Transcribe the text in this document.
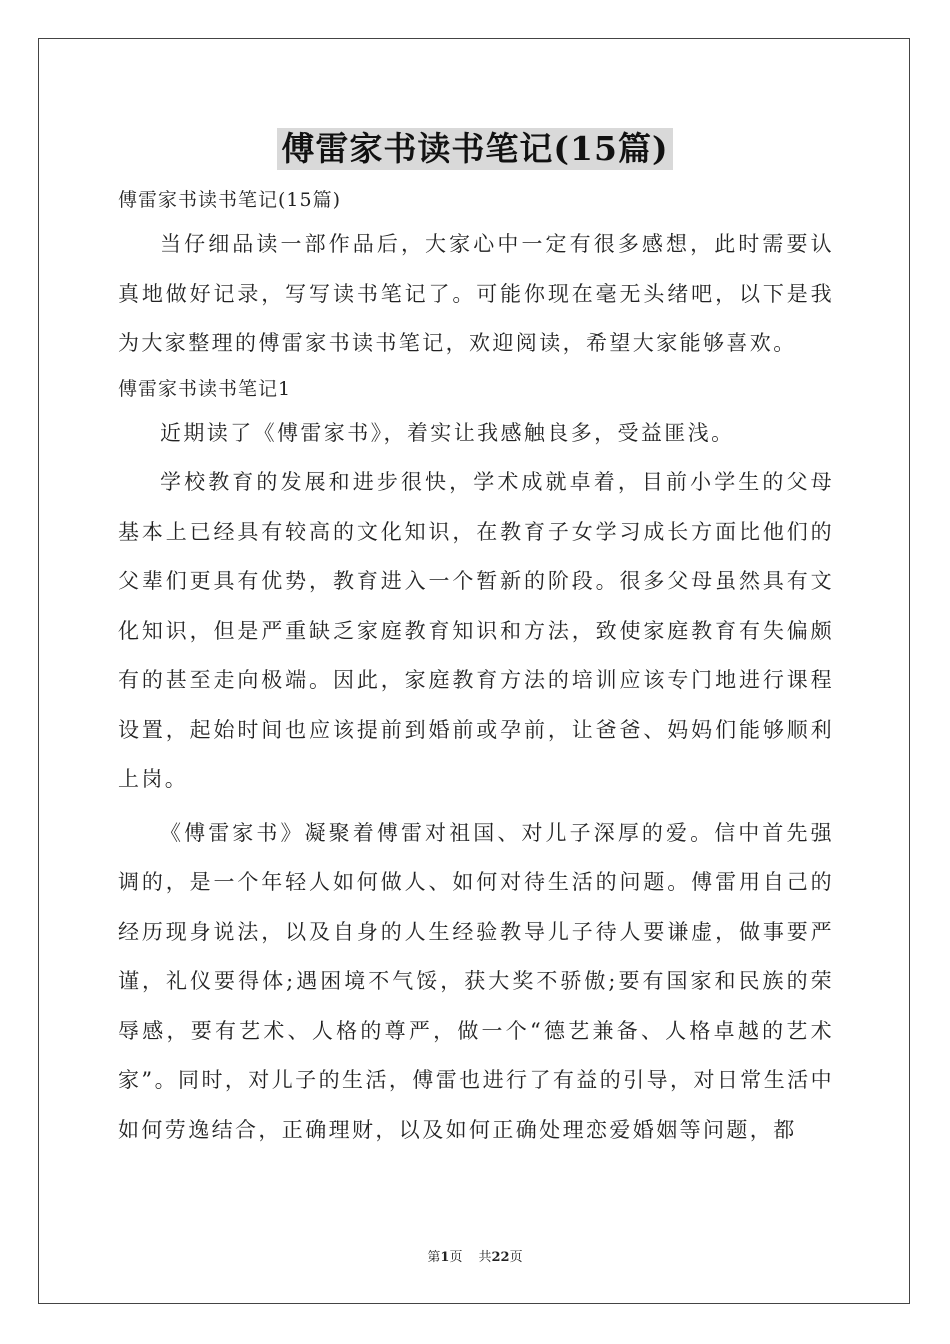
傅雷家书读书笔记(15篇)

傅雷家书读书笔记(15篇)

当仔细品读一部作品后，大家心中一定有很多感想，此时需要认真地做好记录，写写读书笔记了。可能你现在毫无头绪吧，以下是我为大家整理的傅雷家书读书笔记，欢迎阅读，希望大家能够喜欢。

傅雷家书读书笔记1

近期读了《傅雷家书》，着实让我感触良多，受益匪浅。

学校教育的发展和进步很快，学术成就卓着，目前小学生的父母基本上已经具有较高的文化知识，在教育子女学习成长方面比他们的父辈们更具有优势，教育进入一个暂新的阶段。很多父母虽然具有文化知识，但是严重缺乏家庭教育知识和方法，致使家庭教育有失偏颇有的甚至走向极端。因此，家庭教育方法的培训应该专门地进行课程设置，起始时间也应该提前到婚前或孕前，让爸爸、妈妈们能够顺利上岗。

《傅雷家书》凝聚着傅雷对祖国、对儿子深厚的爱。信中首先强调的，是一个年轻人如何做人、如何对待生活的问题。傅雷用自己的经历现身说法，以及自身的人生经验教导儿子待人要谦虚，做事要严谨，礼仪要得体;遇困境不气馁，获大奖不骄傲;要有国家和民族的荣辱感，要有艺术、人格的尊严，做一个“德艺兼备、人格卓越的艺术家”。同时，对儿子的生活，傅雷也进行了有益的引导，对日常生活中如何劳逸结合，正确理财，以及如何正确处理恋爱婚姻等问题，都

第1页 共22页
